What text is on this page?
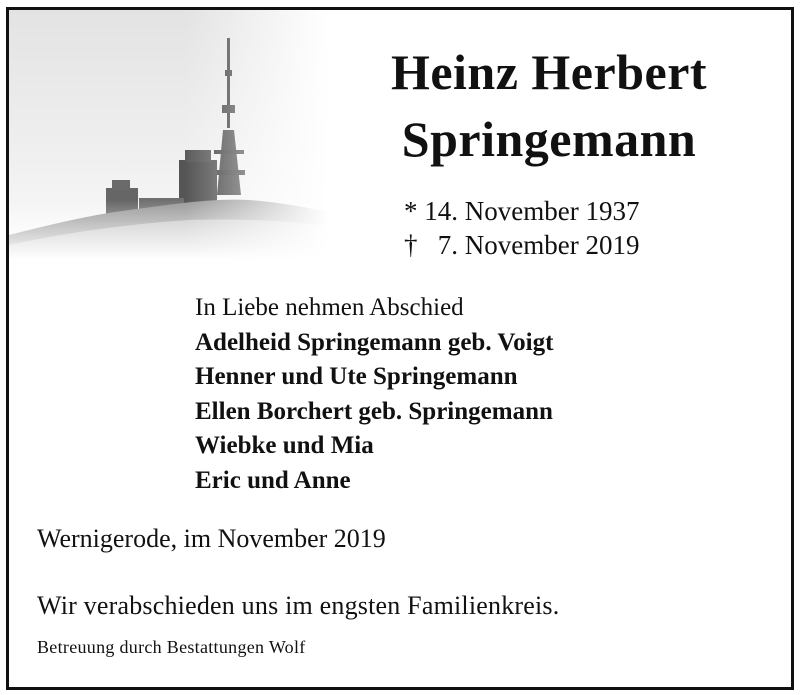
Heinz Herbert
Springemann
* 14. November 1937
†   7. November 2019
In Liebe nehmen Abschied
Adelheid Springemann geb. Voigt
Henner und Ute Springemann
Ellen Borchert geb. Springemann
Wiebke und Mia
Eric und Anne
Wernigerode, im November 2019
Wir verabschieden uns im engsten Familienkreis.
Betreuung durch Bestattungen Wolf
